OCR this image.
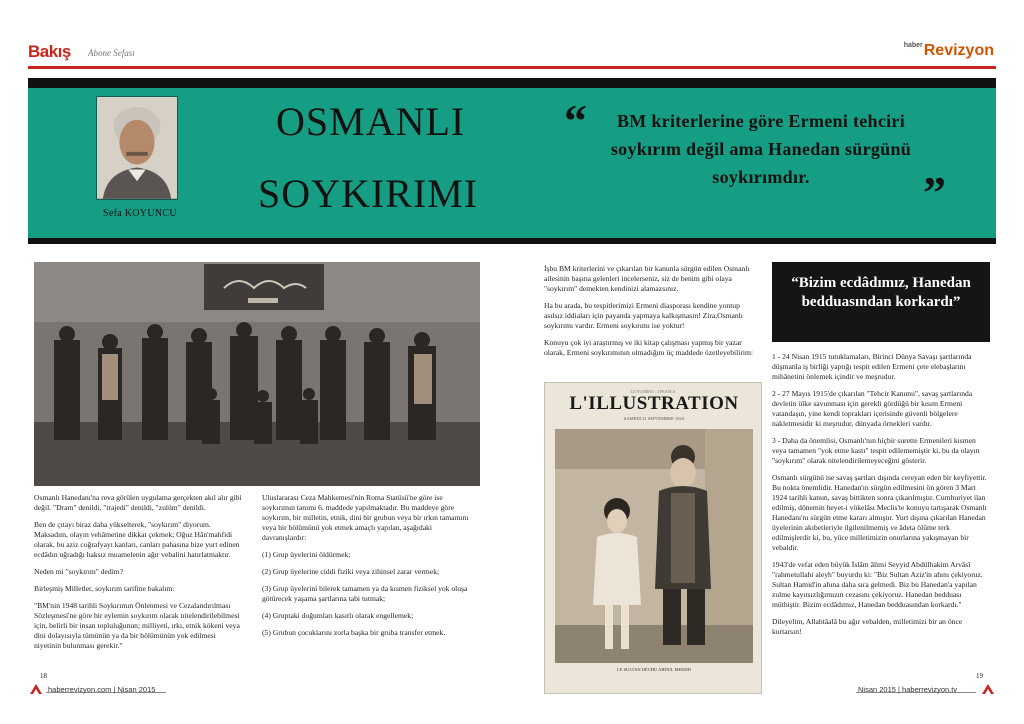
Bakış Abone Sefası
$^{haber}$Revizyon
Sefa KOYUNCU
OSMANLI
SOYKIRIMI
“	BM kriterlerine göre Ermeni tehciri soykırım değil ama Hanedan sürgünü soykırımdır.	”

Osmanlı Hanedanı'na reva görülen uygulama gerçekten akıl alır gibi değil. "Dram" denildi, "trajedi" denildi, "zulüm" denildi.

Ben de çıtayı biraz daha yükselterek, "soykırım" diyorum. Maksadım, olayın vehâmetine dikkat çekmek; Oğuz Hân'mahfidi olarak, bu aziz coğrafyayı kanları, canları pahasına bize yurt edinen ecdâdın uğradığı haksız muamelenin ağır vebalini hatırlatmaktır.

Neden mi "soykırım" dedim?

Birleşmiş Milletler, soykırım tarifine bakalım:

"BM'nin 1948 tarihli Soykırımın Önlenmesi ve Cezalandırılması Sözleşmesi'ne göre bir eylemin soykırım olarak nitelendirilebilmesi için, belirli bir insan topluluğunun; milliyeti, ırkı, etnik kökeni veya dini dolayısıyla tümünün ya da bir bölümünün yok edilmesi niyetinin bulunması gerekir."

Uluslararası Ceza Mahkemesi'nin Roma Statüsü'ne göre ise soykırımın tanımı 6. maddede yapılmaktadır. Bu maddeye göre soykırım, bir milletin, etnik, dini bir grubun veya bir ırkın tamamını veya bir bölümünü yok etmek amaçlı yapılan, aşağıdaki davranışlardır:

(1) Grup üyelerini öldürmek;

(2) Grup üyelerine ciddi fiziki veya zihinsel zarar vermek;

(3) Grup üyelerini bilerek tamamen ya da kısmen fiziksel yok oluşa götürecek yaşama şartlarına tabi tutmak;

(4) Gruptaki doğumları kasıtlı olarak engellemek;

(5) Grubun çocuklarını zorla başka bir gruba transfer etmek.

İşbu BM kriterlerini ve çıkarılan bir kanunla sürgün edilen Osmanlı ailesinin başına gelenleri incelerseniz, siz de benim gibi olaya "soykırım" demekten kendinizi alamazsınız.

Ha bu arada, bu tespitlerimizi Ermeni diasporası kendine yontup asılsız iddiaları için payanda yapmaya kalkışmasın! Zira,Osmanlı soykırımı vardır. Ermeni soykırımı ise yoktur!

Konuyu çok iyi araştırmış ve iki kitap çalışması yapmış bir yazar olarak, Ermeni soykırımının olmadığını üç maddede özetleyebilirim:

LE NUMÉRO : 3 FRANCS
L'ILLUSTRATION
SAMEDI 21 SEPTEMBRE 1924
LE SULTAN DÉCHU ABDUL MEDJID
“Bizim ecdâdımız, Hanedan bedduasından korkardı”

1 - 24 Nisan 1915 tutuklamaları, Birinci Dünya Savaşı şartlarında düşmanla iş birliği yaptığı tespit edilen Ermeni çete elebaşlarını mihânetini önlemek içindir ve meşrudur.

2 - 27 Mayıs 1915'de çıkarılan "Tehcir Kanunu", savaş şartlarında devletin ülke savunması için gerekli gördüğü bir kısım Ermeni vatandaşın, yine kendi toprakları içerisinde güvenli bölgelere nakletmesidir ki meşrudur, dünyada örnekleri vardır.

3 - Daha da önemlisi, Osmanlı'nın hiçbir surette Ermenileri kısmen veya tamamen "yok etme kastı" tespit edilememiştir ki, bu da olayın "soykırım" olarak nitelendirilemeyeceğini gösterir.

Osmanlı sürgünü ise savaş şartları dışında cereyan eden bir keyfiyettir. Bu nokta önemlidir. Hanedan'ın sürgün edilmesini ön gören 3 Mart 1924 tarihli kanun, savaş bittikten sonra çıkarılmıştır. Cumhuriyet ilan edilmiş, dönemin heyet-i vükelâsı Meclis'te konuyu tartışarak Osmanlı Hanedanı'nı sürgün etme kararı almıştır. Yurt dışına çıkarılan Hanedan üyelerinin akıbetleriyle ilgilenilmemiş ve âdeta ölüme terk edilmişlerdir ki, bu, yüce milletimizin onurlarına yakışmayan bir vebaldir.

1943'de vefat eden büyük İslâm âlimi Seyyid Abdülhakim Arvâsî "rahmetullahi aleyh" buyurdu ki: "Biz Sultan Aziz'in ahını çekiyoruz. Sultan Hamid'in ahına daha sıra gelmedi. Biz bu Hanedan'a yapılan zulme kayıtsızlığımızın cezasını çekiyoruz. Hanedan bedduası müthiştir. Bizim ecdâdımız, Hanedan bedduasından korkardı."

Dileyelim, Allahtâalâ bu ağır vebalden, milletimizi bir an önce kurtarsın!

18
haberrevizyon.com | Nisan 2015
19
Nisan 2015 | haberrevizyon.tv
